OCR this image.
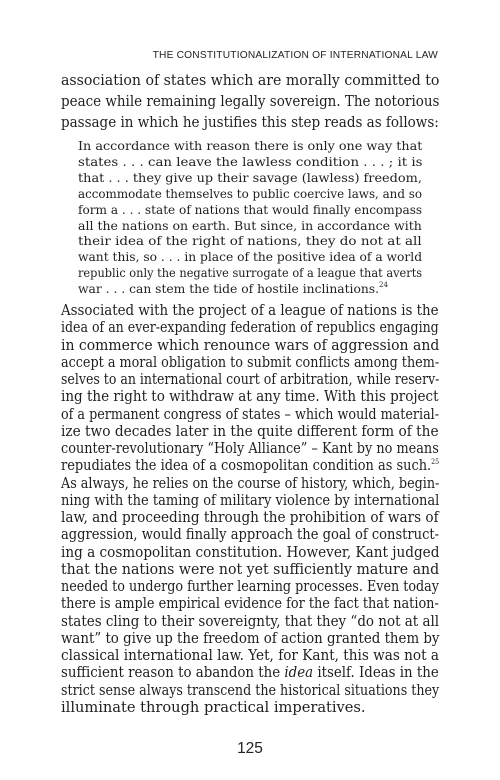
THE CONSTITUTIONALIZATION OF INTERNATIONAL LAW

association of states which are morally committed to

peace while remaining legally sovereign. The notorious

passage in which he justifies this step reads as follows:

In accordance with reason there is only one way that

states . . . can leave the lawless condition . . . ; it is

that . . . they give up their savage (lawless) freedom,

accommodate themselves to public coercive laws, and so

form a . . . state of nations that would finally encompass

all the nations on earth. But since, in accordance with

their idea of the right of nations, they do not at all

want this, so . . . in place of the positive idea of a world

republic only the negative surrogate of a league that averts

war . . . can stem the tide of hostile inclinations.$^{24}$

Associated with the project of a league of nations is the

idea of an ever-expanding federation of republics engaging

in commerce which renounce wars of aggression and

accept a moral obligation to submit conflicts among them-

selves to an international court of arbitration, while reserv-

ing the right to withdraw at any time. With this project

of a permanent congress of states – which would material-

ize two decades later in the quite different form of the

counter-revolutionary “Holy Alliance” – Kant by no means

repudiates the idea of a cosmopolitan condition as such.$^{25}$

As always, he relies on the course of history, which, begin-

ning with the taming of military violence by international

law, and proceeding through the prohibition of wars of

aggression, would finally approach the goal of construct-

ing a cosmopolitan constitution. However, Kant judged

that the nations were not yet sufficiently mature and

needed to undergo further learning processes. Even today

there is ample empirical evidence for the fact that nation-

states cling to their sovereignty, that they “do not at all

want” to give up the freedom of action granted them by

classical international law. Yet, for Kant, this was not a

sufficient reason to abandon the idea itself. Ideas in the

strict sense always transcend the historical situations they

illuminate through practical imperatives.

125
